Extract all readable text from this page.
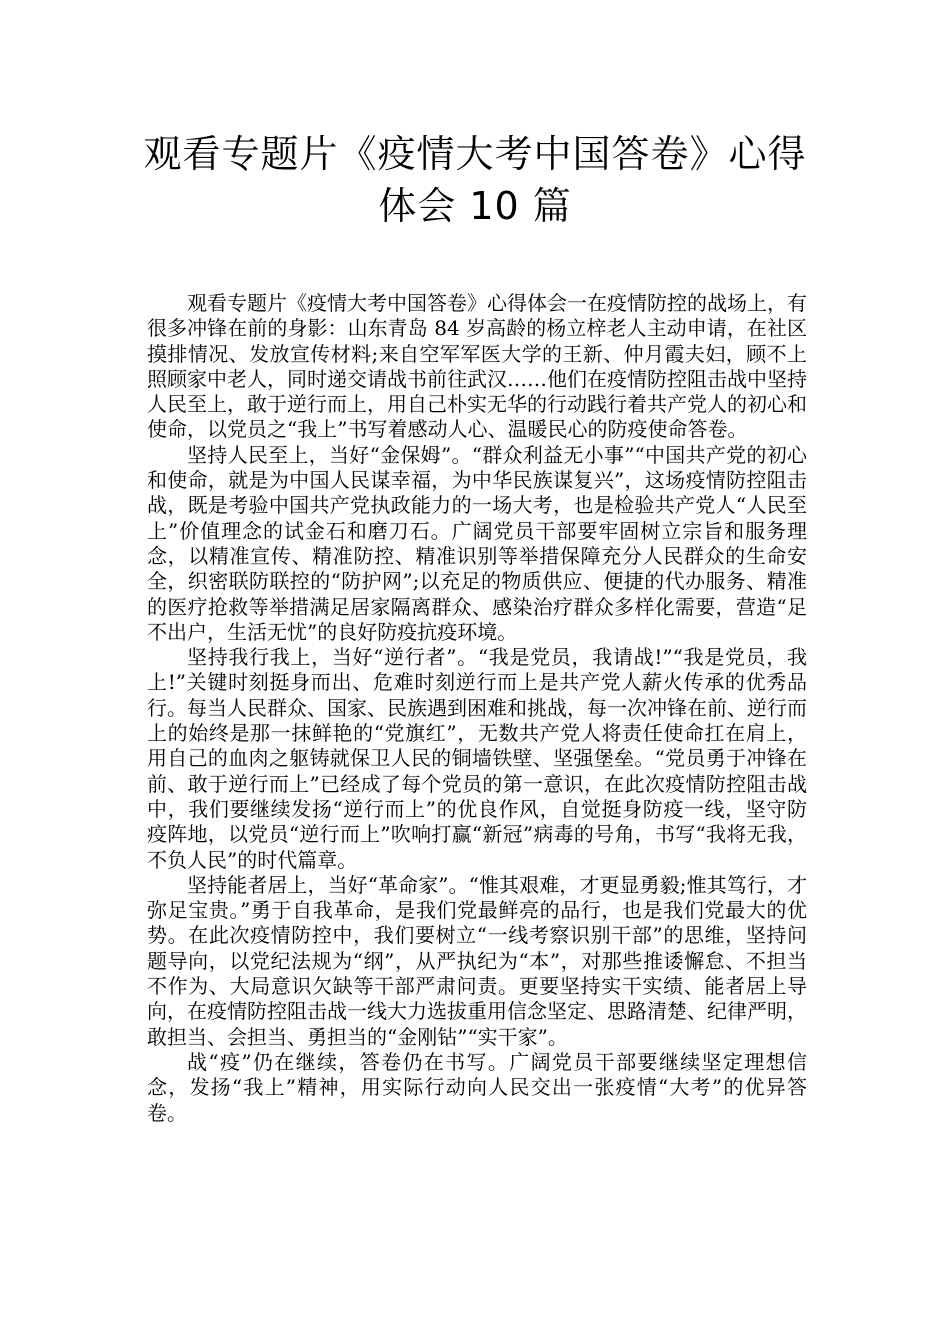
观看专题片《疫情大考中国答卷》心得
体会 10 篇

观看专题片《疫情大考中国答卷》心得体会一在疫情防控的战场上，有很多冲锋在前的身影：山东青岛 84 岁高龄的杨立梓老人主动申请，在社区摸排情况、发放宣传材料;来自空军军医大学的王新、仲月霞夫妇，顾不上照顾家中老人，同时递交请战书前往武汉……他们在疫情防控阻击战中坚持人民至上，敢于逆行而上，用自己朴实无华的行动践行着共产党人的初心和使命，以党员之“我上”书写着感动人心、温暖民心的防疫使命答卷。

坚持人民至上，当好“金保姆”。“群众利益无小事”“中国共产党的初心和使命，就是为中国人民谋幸福，为中华民族谋复兴”，这场疫情防控阻击战，既是考验中国共产党执政能力的一场大考，也是检验共产党人“人民至上”价值理念的试金石和磨刀石。广阔党员干部要牢固树立宗旨和服务理念，以精准宣传、精准防控、精准识别等举措保障充分人民群众的生命安全，织密联防联控的“防护网”;以充足的物质供应、便捷的代办服务、精准的医疗抢救等举措满足居家隔离群众、感染治疗群众多样化需要，营造“足不出户，生活无忧”的良好防疫抗疫环境。

坚持我行我上，当好“逆行者”。“我是党员，我请战!”“我是党员，我上!”关键时刻挺身而出、危难时刻逆行而上是共产党人薪火传承的优秀品行。每当人民群众、国家、民族遇到困难和挑战，每一次冲锋在前、逆行而上的始终是那一抹鲜艳的“党旗红”，无数共产党人将责任使命扛在肩上，用自己的血肉之躯铸就保卫人民的铜墙铁壁、坚强堡垒。“党员勇于冲锋在前、敢于逆行而上”已经成了每个党员的第一意识，在此次疫情防控阻击战中，我们要继续发扬“逆行而上”的优良作风，自觉挺身防疫一线，坚守防疫阵地，以党员“逆行而上”吹响打赢“新冠”病毒的号角，书写“我将无我，不负人民”的时代篇章。

坚持能者居上，当好“革命家”。“惟其艰难，才更显勇毅;惟其笃行，才弥足宝贵。”勇于自我革命，是我们党最鲜亮的品行，也是我们党最大的优势。在此次疫情防控中，我们要树立“一线考察识别干部”的思维，坚持问题导向，以党纪法规为“纲”，从严执纪为“本”，对那些推诿懈怠、不担当不作为、大局意识欠缺等干部严肃问责。更要坚持实干实绩、能者居上导向，在疫情防控阻击战一线大力选拔重用信念坚定、思路清楚、纪律严明，敢担当、会担当、勇担当的“金刚钻”“实干家”。

战“疫”仍在继续，答卷仍在书写。广阔党员干部要继续坚定理想信念，发扬“我上”精神，用实际行动向人民交出一张疫情“大考”的优异答卷。
